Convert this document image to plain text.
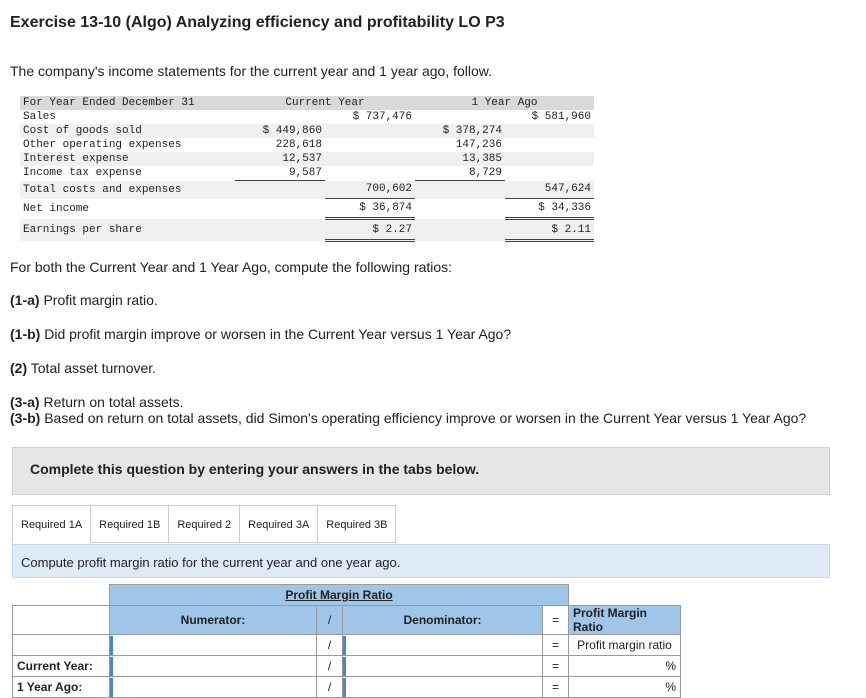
Exercise 13-10 (Algo) Analyzing efficiency and profitability LO P3
The company's income statements for the current year and 1 year ago, follow.
For Year Ended December 31	Current Year		1 Year Ago	
Sales		$ 737,476		$ 581,960
Cost of goods sold	$ 449,860		$ 378,274	
Other operating expenses	228,618		147,236	
Interest expense	12,537		13,385	
Income tax expense	9,587		8,729	
Total costs and expenses		700,602		547,624
Net income		$ 36,874		$ 34,336
Earnings per share		$ 2.27		$ 2.11
For both the Current Year and 1 Year Ago, compute the following ratios:
(1-a) Profit margin ratio.
(1-b) Did profit margin improve or worsen in the Current Year versus 1 Year Ago?
(2) Total asset turnover.
(3-a) Return on total assets.
(3-b) Based on return on total assets, did Simon's operating efficiency improve or worsen in the Current Year versus 1 Year Ago?
Complete this question by entering your answers in the tabs below.
Required 1A	Required 1B	Required 2	Required 3A	Required 3B
Compute profit margin ratio for the current year and one year ago.
	Profit Margin Ratio				
	Numerator:	/	Denominator:	=	Profit Margin Ratio
		/		=	Profit margin ratio
Current Year:		/		=	%
1 Year Ago:		/		=	%
